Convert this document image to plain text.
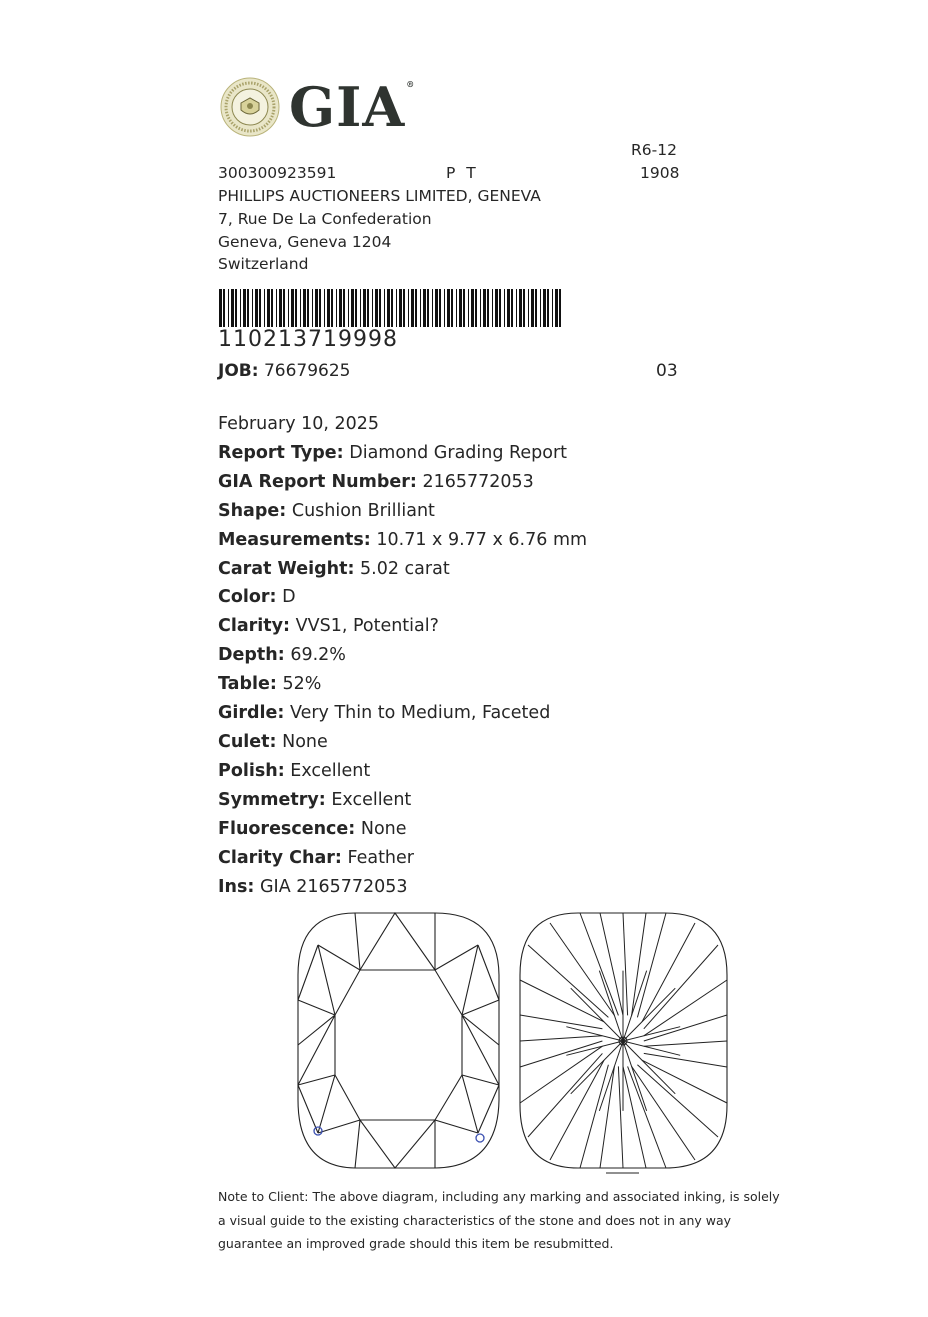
GIA®
R6-12
1908
300300923591	P T
PHILLIPS AUCTIONEERS LIMITED, GENEVA
7, Rue De La Confederation
Geneva, Geneva 1204
Switzerland
110213719998
JOB: 76679625	03
February 10, 2025
Report Type: Diamond Grading Report
GIA Report Number: 2165772053
Shape: Cushion Brilliant
Measurements: 10.71 x 9.77 x 6.76 mm
Carat Weight: 5.02 carat
Color: D
Clarity: VVS1, Potential?
Depth: 69.2%
Table: 52%
Girdle: Very Thin to Medium, Faceted
Culet: None
Polish: Excellent
Symmetry: Excellent
Fluorescence: None
Clarity Char: Feather
Ins: GIA 2165772053
Note to Client: The above diagram, including any marking and associated inking, is solely
a visual guide to the existing characteristics of the stone and does not in any way
guarantee an improved grade should this item be resubmitted.
